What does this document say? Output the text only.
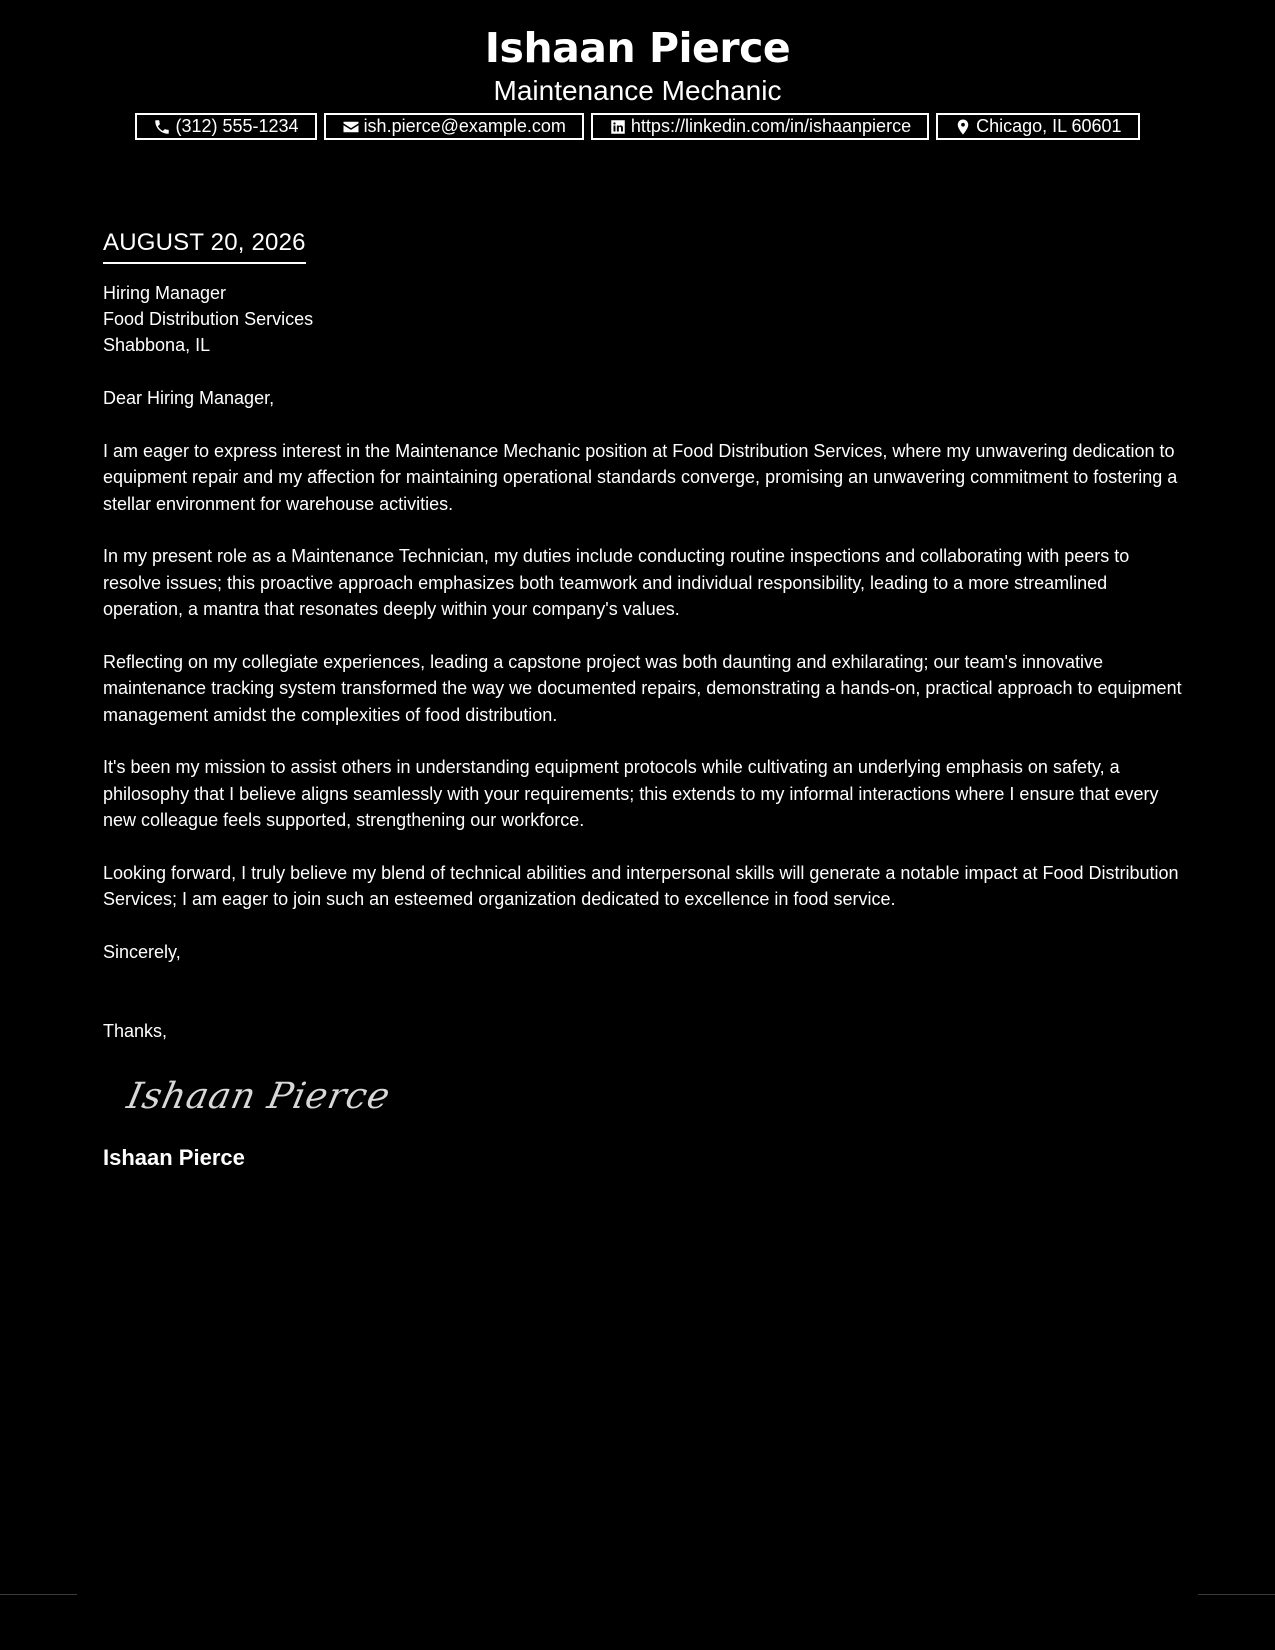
Ishaan Pierce
Maintenance Mechanic
(312) 555-1234	ish.pierce@example.com	https://linkedin.com/in/ishaanpierce	Chicago, IL 60601
AUGUST 20, 2026
Hiring Manager
Food Distribution Services
Shabbona, IL
Dear Hiring Manager,
I am eager to express interest in the Maintenance Mechanic position at Food Distribution Services, where my unwavering dedication to equipment repair and my affection for maintaining operational standards converge, promising an unwavering commitment to fostering a stellar environment for warehouse activities.
In my present role as a Maintenance Technician, my duties include conducting routine inspections and collaborating with peers to resolve issues; this proactive approach emphasizes both teamwork and individual responsibility, leading to a more streamlined operation, a mantra that resonates deeply within your company's values.
Reflecting on my collegiate experiences, leading a capstone project was both daunting and exhilarating; our team's innovative maintenance tracking system transformed the way we documented repairs, demonstrating a hands-on, practical approach to equipment management amidst the complexities of food distribution.
It's been my mission to assist others in understanding equipment protocols while cultivating an underlying emphasis on safety, a philosophy that I believe aligns seamlessly with your requirements; this extends to my informal interactions where I ensure that every new colleague feels supported, strengthening our workforce.
Looking forward, I truly believe my blend of technical abilities and interpersonal skills will generate a notable impact at Food Distribution Services; I am eager to join such an esteemed organization dedicated to excellence in food service.
Sincerely,
Thanks,
Ishaan Pierce
Ishaan Pierce
